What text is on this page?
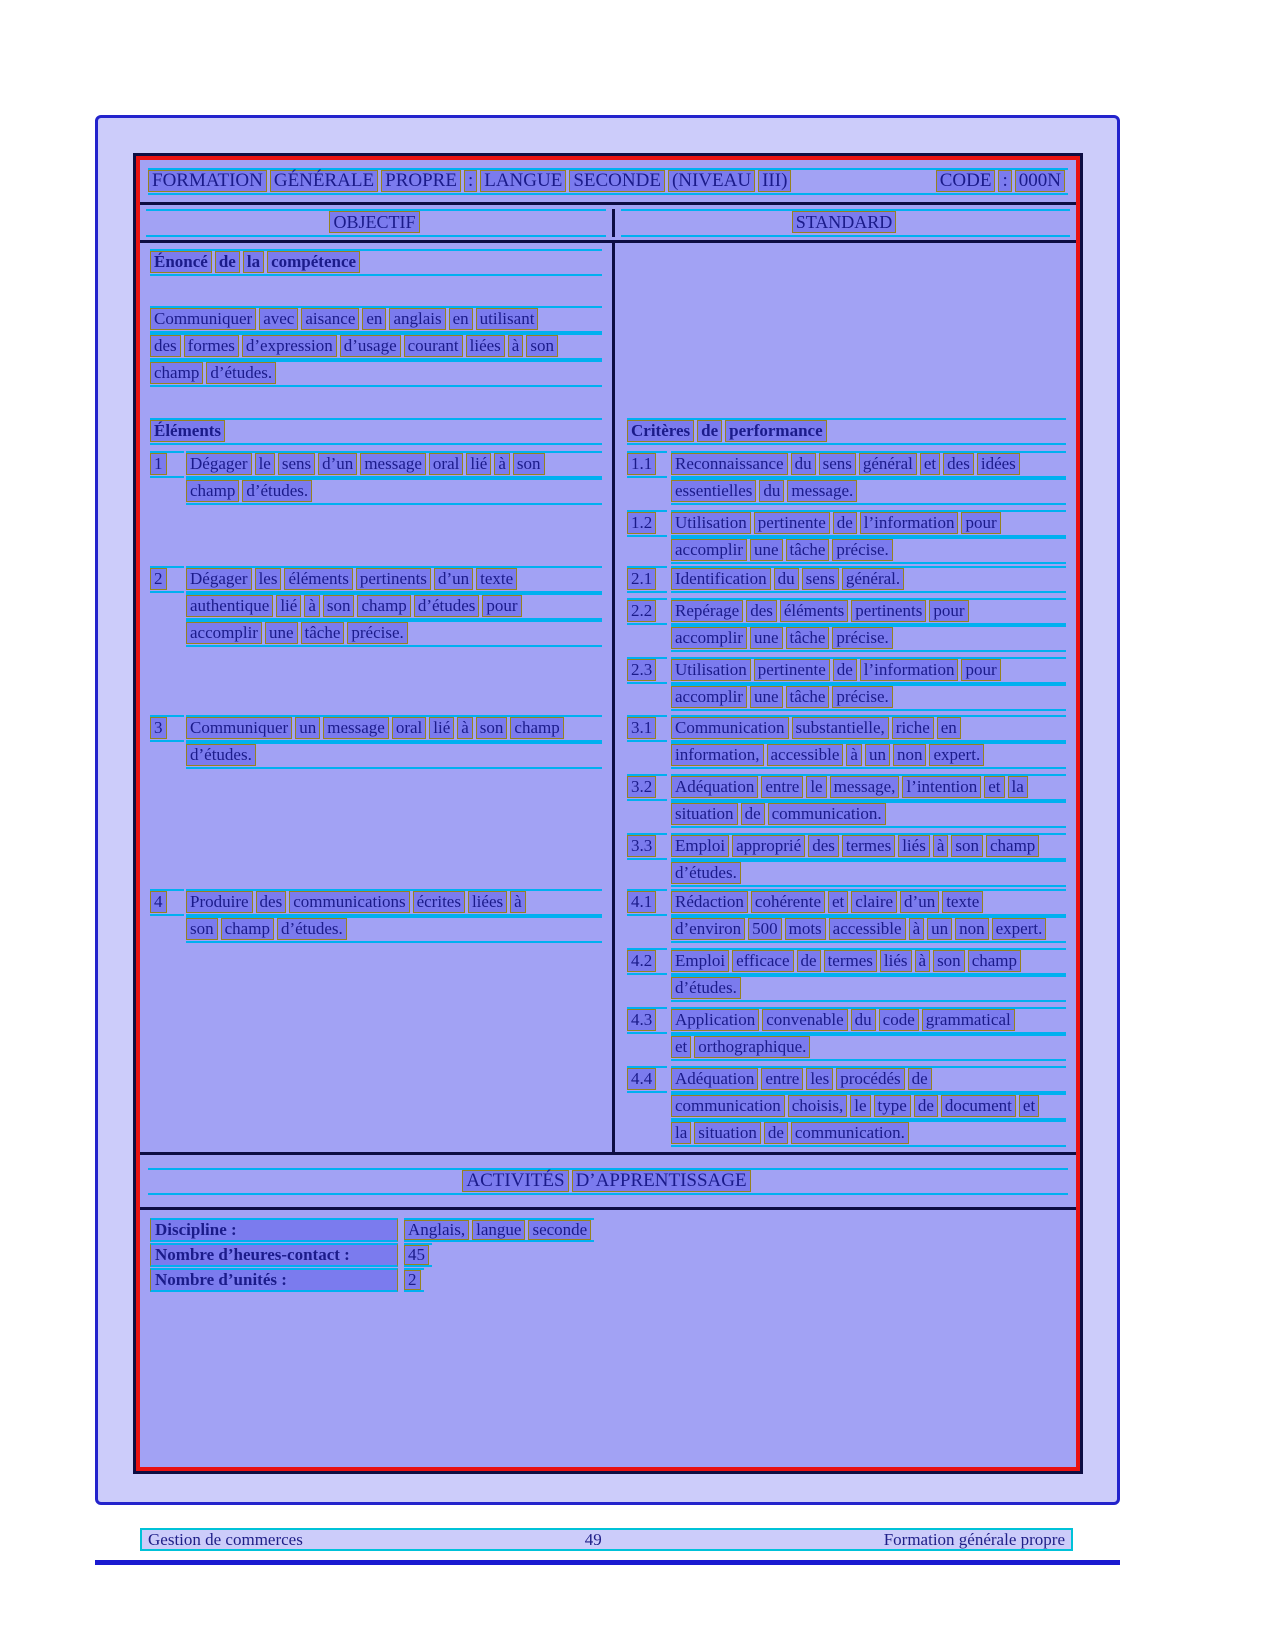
FORMATION GÉNÉRALE PROPRE : LANGUE SECONDE (NIVEAU III)	CODE : 000N
OBJECTIF	STANDARD
Énoncé de la compétence
Communiquer avec aisance en anglais en utilisant
des formes d’expression d’usage courant liées à son
champ d’études.
Éléments	Critères de performance
1	Dégager le sens d’un message oral lié à son
champ d’études.
1.1	Reconnaissance du sens général et des idées
essentielles du message.
1.2	Utilisation pertinente de l’information pour
accomplir une tâche précise.
2	Dégager les éléments pertinents d’un texte
authentique lié à son champ d’études pour
accomplir une tâche précise.
2.1	Identification du sens général.
2.2	Repérage des éléments pertinents pour
accomplir une tâche précise.
2.3	Utilisation pertinente de l’information pour
accomplir une tâche précise.
3	Communiquer un message oral lié à son champ
d’études.
3.1	Communication substantielle, riche en
information, accessible à un non expert.
3.2	Adéquation entre le message, l’intention et la
situation de communication.
3.3	Emploi approprié des termes liés à son champ
d’études.
4	Produire des communications écrites liées à
son champ d’études.
4.1	Rédaction cohérente et claire d’un texte
d’environ 500 mots accessible à un non expert.
4.2	Emploi efficace de termes liés à son champ
d’études.
4.3	Application convenable du code grammatical
et orthographique.
4.4	Adéquation entre les procédés de
communication choisis, le type de document et
la situation de communication.
ACTIVITÉS D’APPRENTISSAGE
Discipline :	Anglais, langue seconde
Nombre d’heures-contact :	45
Nombre d’unités :	2
Gestion de commerces	49	Formation générale propre
